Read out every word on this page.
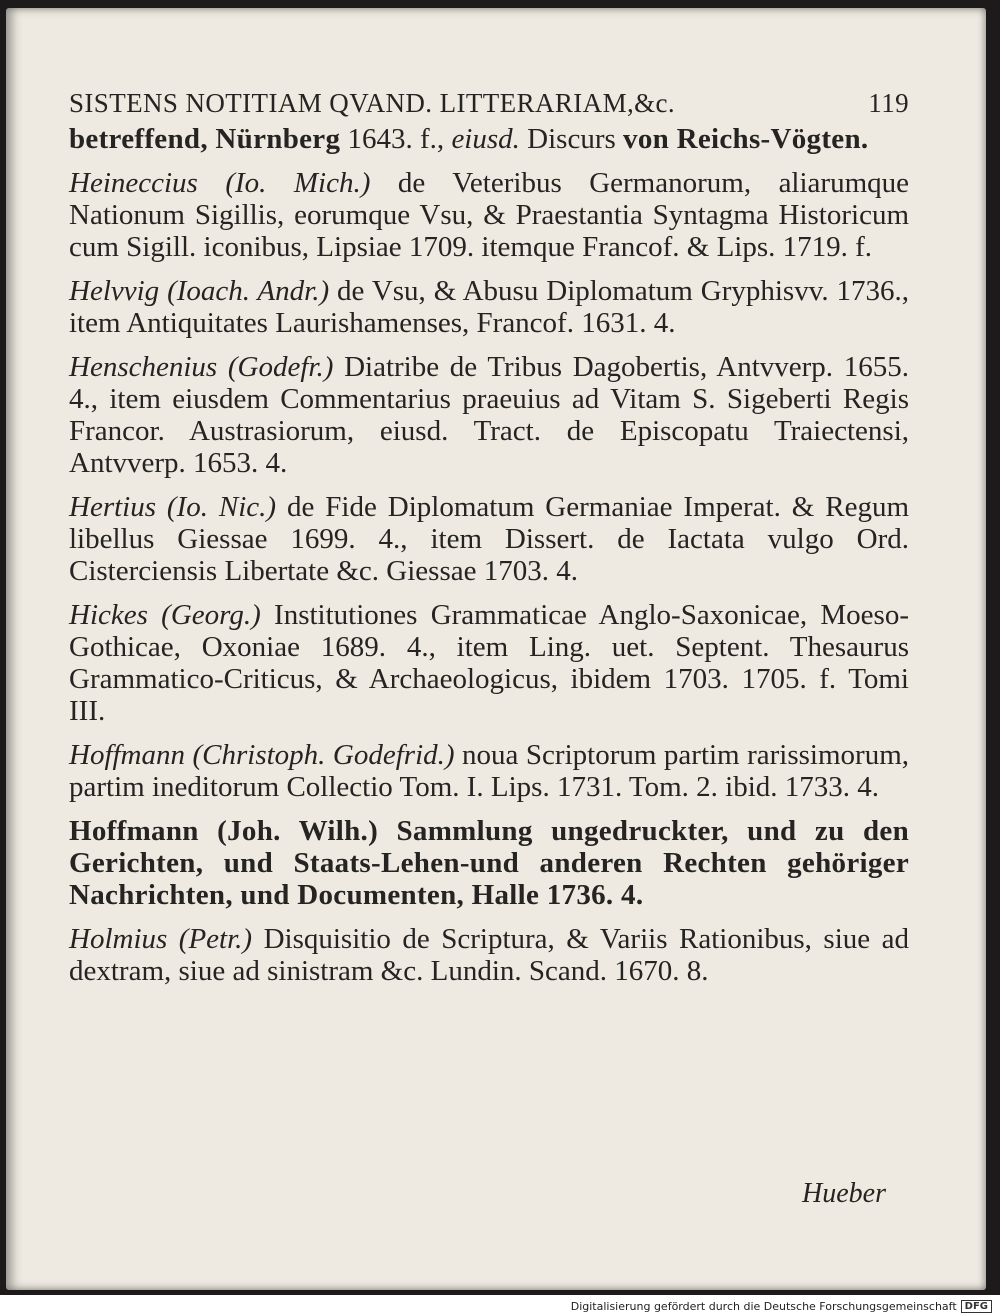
SISTENS NOTITIAM QVAND. LITTERARIAM,&c.	119

betreffend, Nürnberg 1643. f., eiusd. Discurs von Reichs-Vögten.

Heineccius (Io. Mich.) de Veteribus Germanorum, aliarumque Nationum Sigillis, eorumque Vsu, & Praestantia Syntagma Historicum cum Sigill. iconibus, Lipsiae 1709. itemque Francof. & Lips. 1719. f.

Helvvig (Ioach. Andr.) de Vsu, & Abusu Diplomatum Gryphisvv. 1736., item Antiquitates Laurishamenses, Francof. 1631. 4.

Henschenius (Godefr.) Diatribe de Tribus Dagobertis, Antvverp. 1655. 4., item eiusdem Commentarius praeuius ad Vitam S. Sigeberti Regis Francor. Austrasiorum, eiusd. Tract. de Episcopatu Traiectensi, Antvverp. 1653. 4.

Hertius (Io. Nic.) de Fide Diplomatum Germaniae Imperat. & Regum libellus Giessae 1699. 4., item Dissert. de Iactata vulgo Ord. Cisterciensis Libertate &c. Giessae 1703. 4.

Hickes (Georg.) Institutiones Grammaticae Anglo-Saxonicae, Moeso-Gothicae, Oxoniae 1689. 4., item Ling. uet. Septent. Thesaurus Grammatico-Criticus, & Archaeologicus, ibidem 1703. 1705. f. Tomi III.

Hoffmann (Christoph. Godefrid.) noua Scriptorum partim rarissimorum, partim ineditorum Collectio Tom. I. Lips. 1731. Tom. 2. ibid. 1733. 4.

Hoffmann (Joh. Wilh.) Sammlung ungedruckter, und zu den Gerichten, und Staats-Lehen-und anderen Rechten gehöriger Nachrichten, und Documenten, Halle 1736. 4.

Holmius (Petr.) Disquisitio de Scriptura, & Variis Rationibus, siue ad dextram, siue ad sinistram &c. Lundin. Scand. 1670. 8.

Hueber
Digitalisierung gefördert durch die Deutsche Forschungsgemeinschaft DFG
